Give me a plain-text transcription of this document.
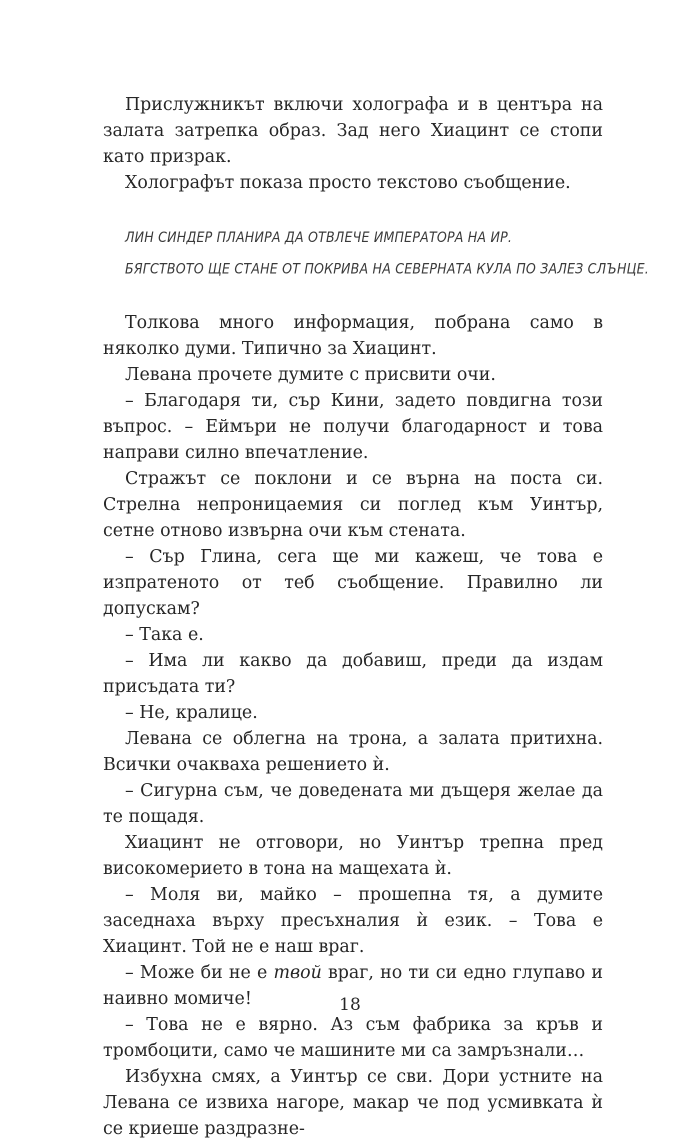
Прислужникът включи холографа и в центъра на залата затрепка образ. Зад него Хиацинт се стопи като призрак.

Холографът показа просто текстово съобщение.

ЛИН СИНДЕР ПЛАНИРА ДА ОТВЛЕЧЕ ИМПЕРАТОРА НА ИР.
БЯГСТВОТО ЩЕ СТАНЕ ОТ ПОКРИВА НА СЕВЕРНАТА КУЛА ПО ЗАЛЕЗ СЛЪНЦЕ.

Толкова много информация, побрана само в няколко думи. Типично за Хиацинт.

Левана прочете думите с присвити очи.

– Благодаря ти, сър Кини, задето повдигна този въпрос. – Еймъри не получи благодарност и това направи силно впечатление.

Стражът се поклони и се върна на поста си. Стрелна непроницаемия си поглед към Уинтър, сетне отново извърна очи към стената.

– Сър Глина, сега ще ми кажеш, че това е изпратеното от теб съобщение. Правилно ли допускам?

– Така е.

– Има ли какво да добавиш, преди да издам присъдата ти?

– Не, кралице.

Левана се облегна на трона, а залата притихна. Всички очакваха решението ѝ.

– Сигурна съм, че доведената ми дъщеря желае да те пощадя.

Хиацинт не отговори, но Уинтър трепна пред високомерието в тона на мащехата ѝ.

– Моля ви, майко – прошепна тя, а думите заседнаха върху пресъхналия ѝ език. – Това е Хиацинт. Той не е наш враг.

– Може би не е твой враг, но ти си едно глупаво и наивно момиче!

– Това не е вярно. Аз съм фабрика за кръв и тромбоцити, само че машините ми са замръзнали…

Избухна смях, а Уинтър се сви. Дори устните на Левана се извиха нагоре, макар че под усмивката ѝ се криеше раздразне-

18
